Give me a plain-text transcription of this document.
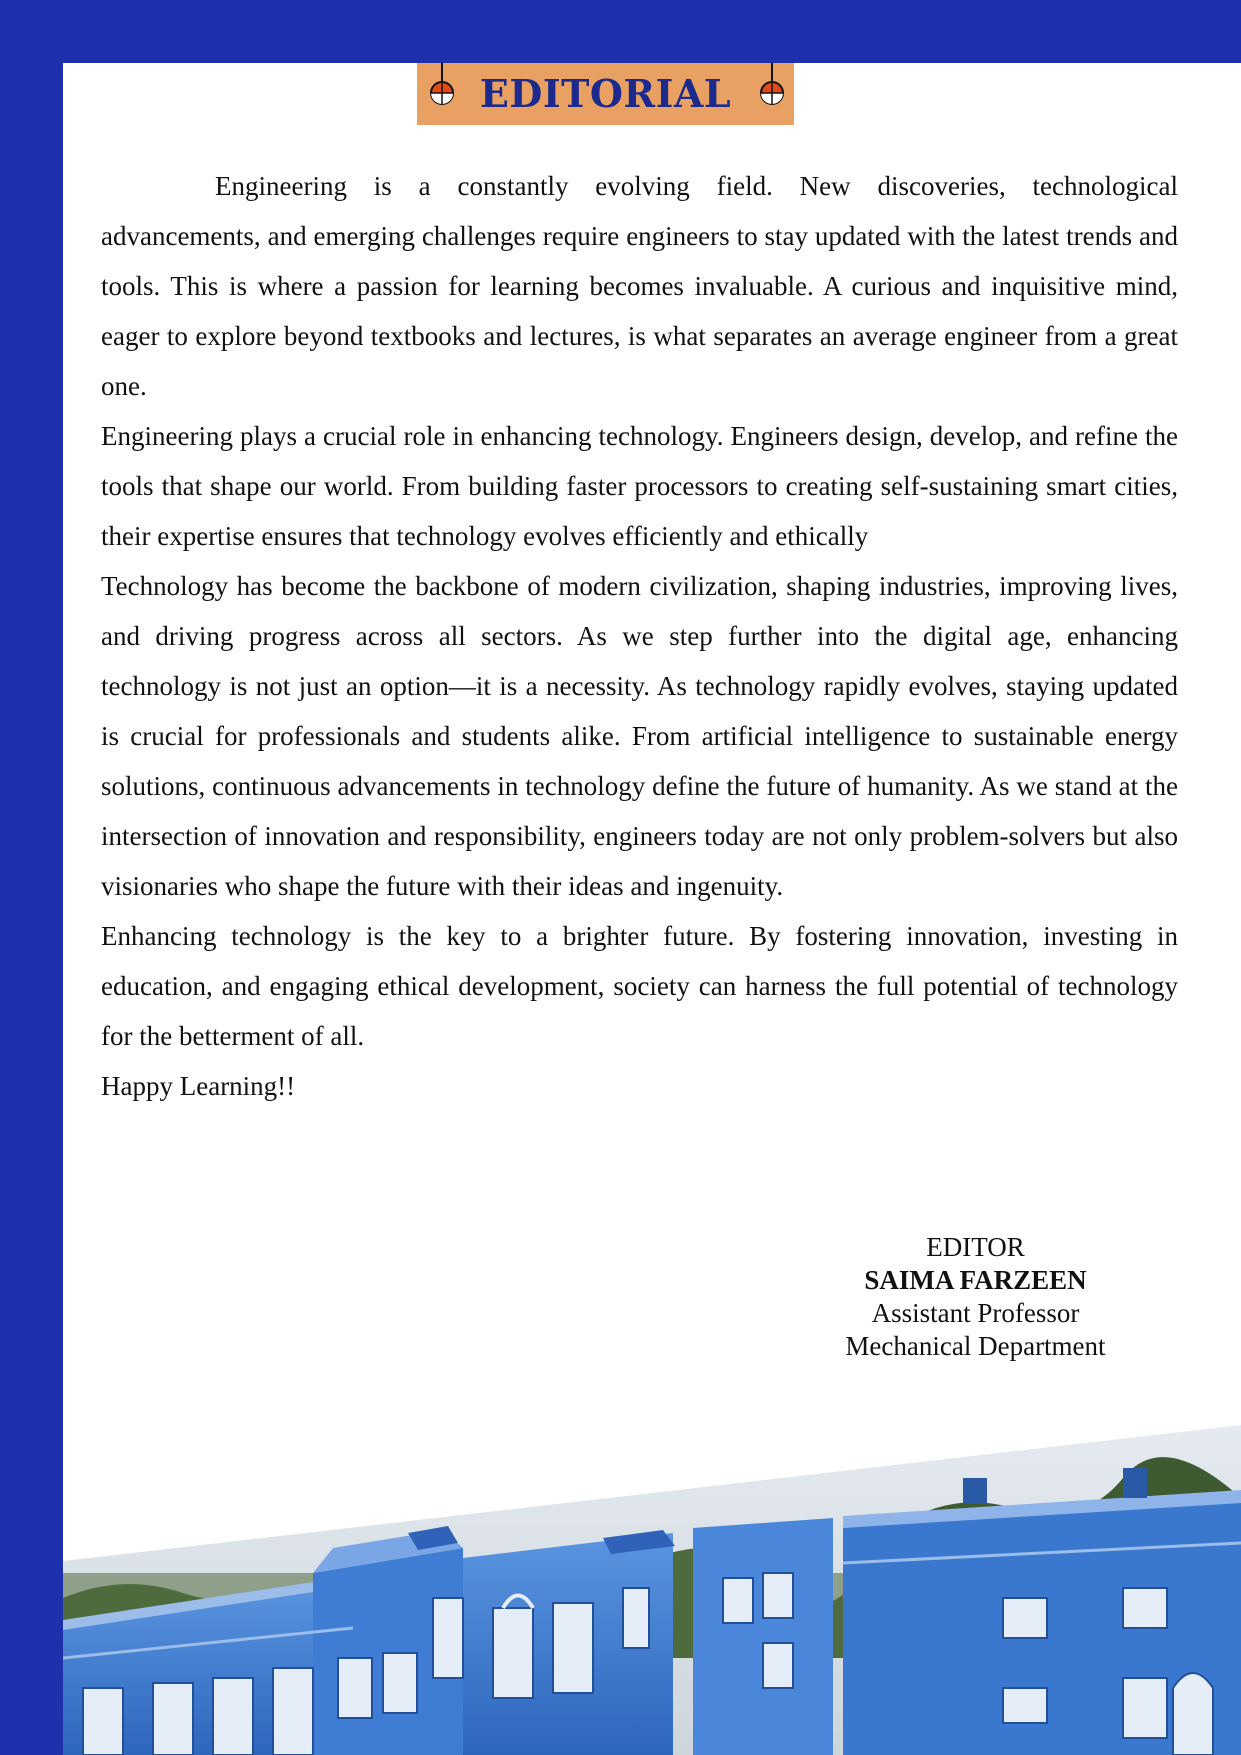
EDITORIAL

Engineering is a constantly evolving field. New discoveries, technological advancements, and emerging challenges require engineers to stay updated with the latest trends and tools. This is where a passion for learning becomes invaluable. A curious and inquisitive mind, eager to explore beyond textbooks and lectures, is what separates an average engineer from a great one.

Engineering plays a crucial role in enhancing technology. Engineers design, develop, and refine the tools that shape our world. From building faster processors to creating self-sustaining smart cities, their expertise ensures that technology evolves efficiently and ethically

Technology has become the backbone of modern civilization, shaping industries, improving lives, and driving progress across all sectors. As we step further into the digital age, enhancing technology is not just an option—it is a necessity. As technology rapidly evolves, staying updated is crucial for professionals and students alike. From artificial intelligence to sustainable energy solutions, continuous advancements in technology define the future of humanity. As we stand at the intersection of innovation and responsibility, engineers today are not only problem-solvers but also visionaries who shape the future with their ideas and ingenuity.

Enhancing technology is the key to a brighter future. By fostering innovation, investing in education, and engaging ethical development, society can harness the full potential of technology for the betterment of all.

Happy Learning!!

EDITOR
SAIMA FARZEEN
Assistant Professor
Mechanical Department
